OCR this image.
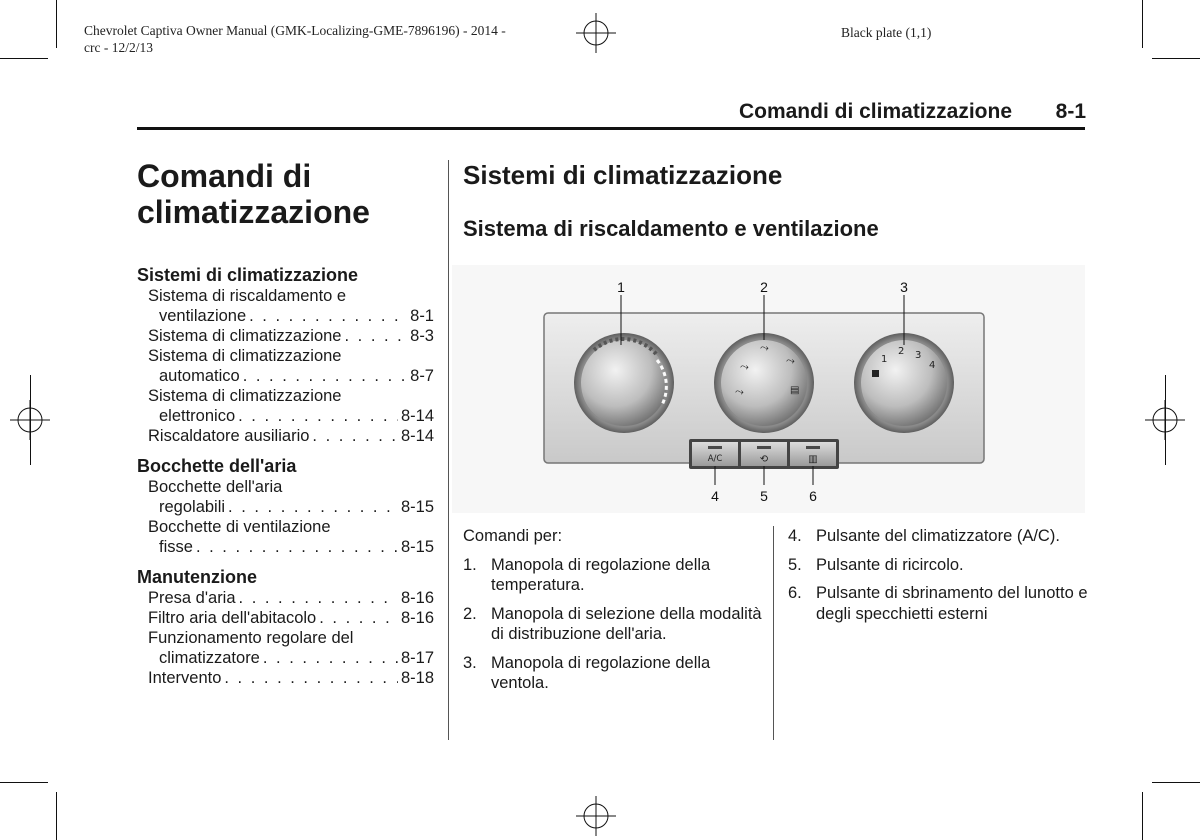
Chevrolet Captiva Owner Manual (GMK-Localizing-GME-7896196) - 2014 -
crc - 12/2/13
Black plate (1,1)
Comandi di climatizzazione 8-1
Comandi di climatizzazione
Sistemi di climatizzazione
Sistema di riscaldamento e
ventilazione . . .	8-1
Sistema di climatizzazione . . .	8-3
Sistema di climatizzazione
automatico . . .	8-7
Sistema di climatizzazione
elettronico . . .	8-14
Riscaldatore ausiliario . . .	8-14
Bocchette dell'aria
Bocchette dell'aria
regolabili . . .	8-15
Bocchette di ventilazione
fisse . . .	8-15
Manutenzione
Presa d'aria . . .	8-16
Filtro aria dell'abitacolo . . .	8-16
Funzionamento regolare del
climatizzatore . . .	8-17
Intervento . . .	8-18
Sistemi di climatizzazione
Sistema di riscaldamento e ventilazione
⤳
⤳
⤳
⤳	▤
1
2 3
4
A/C	⟲	▥
1	2	3
4	5	6
Comandi per:
1. Manopola di regolazione della temperatura.
2. Manopola di selezione della modalità di distribuzione dell'aria.
3. Manopola di regolazione della ventola.
4. Pulsante del climatizzatore (A/C).
5. Pulsante di ricircolo.
6. Pulsante di sbrinamento del lunotto e degli specchietti esterni
